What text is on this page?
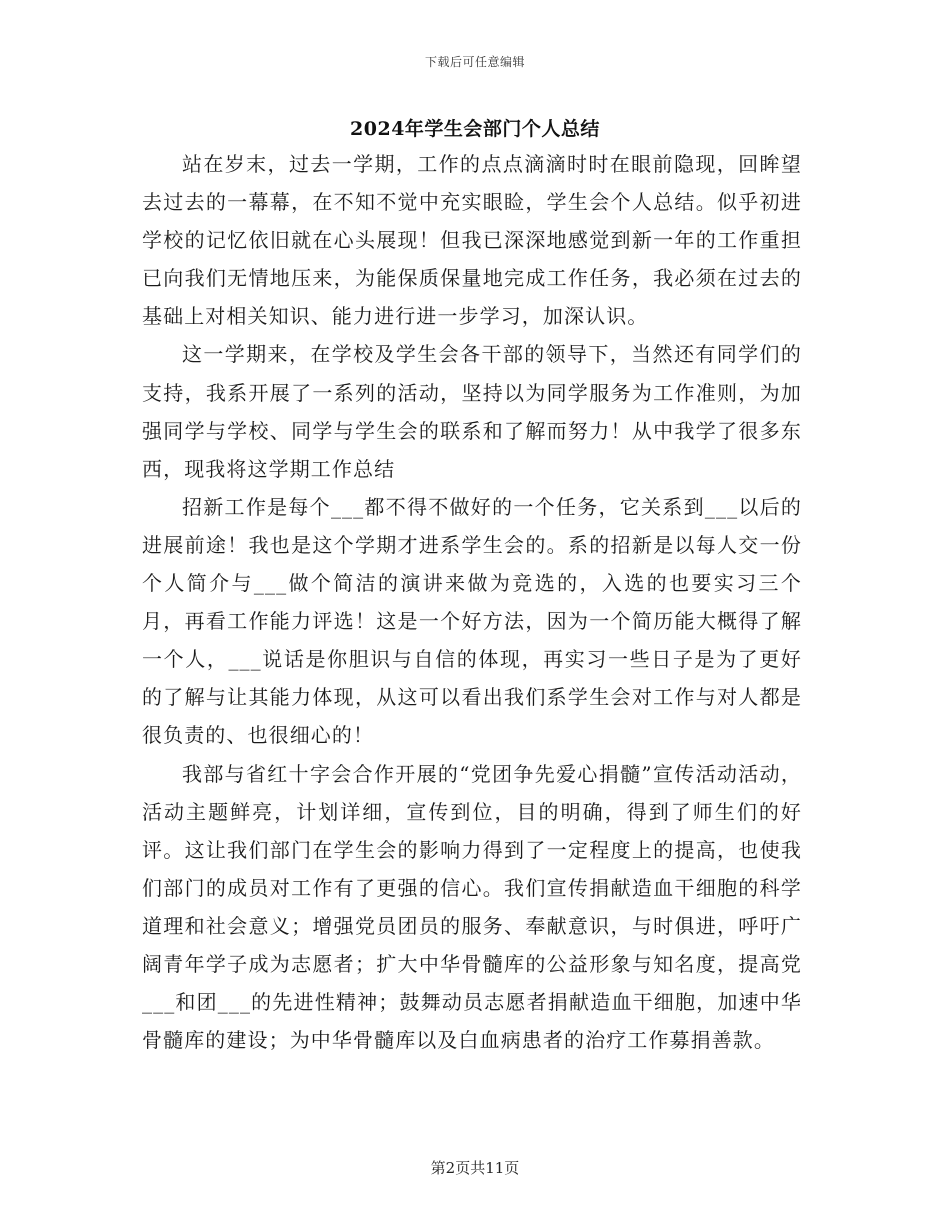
下载后可任意编辑
2024年学生会部门个人总结

站在岁末，过去一学期，工作的点点滴滴时时在眼前隐现，回眸望去过去的一幕幕，在不知不觉中充实眼睑，学生会个人总结。似乎初进学校的记忆依旧就在心头展现！但我已深深地感觉到新一年的工作重担已向我们无情地压来，为能保质保量地完成工作任务，我必须在过去的基础上对相关知识、能力进行进一步学习，加深认识。

这一学期来，在学校及学生会各干部的领导下，当然还有同学们的支持，我系开展了一系列的活动，坚持以为同学服务为工作准则，为加强同学与学校、同学与学生会的联系和了解而努力！从中我学了很多东西，现我将这学期工作总结

招新工作是每个___都不得不做好的一个任务，它关系到___以后的进展前途！我也是这个学期才进系学生会的。系的招新是以每人交一份个人简介与___做个简洁的演讲来做为竞选的，入选的也要实习三个月，再看工作能力评选！这是一个好方法，因为一个简历能大概得了解一个人，___说话是你胆识与自信的体现，再实习一些日子是为了更好的了解与让其能力体现，从这可以看出我们系学生会对工作与对人都是很负责的、也很细心的！

我部与省红十字会合作开展的“党团争先爱心捐髓”宣传活动活动，活动主题鲜亮，计划详细，宣传到位，目的明确，得到了师生们的好评。这让我们部门在学生会的影响力得到了一定程度上的提高，也使我们部门的成员对工作有了更强的信心。我们宣传捐献造血干细胞的科学道理和社会意义；增强党员团员的服务、奉献意识，与时俱进，呼吁广阔青年学子成为志愿者；扩大中华骨髓库的公益形象与知名度，提高党___和团___的先进性精神；鼓舞动员志愿者捐献造血干细胞，加速中华骨髓库的建设；为中华骨髓库以及白血病患者的治疗工作募捐善款。

第2页共11页
